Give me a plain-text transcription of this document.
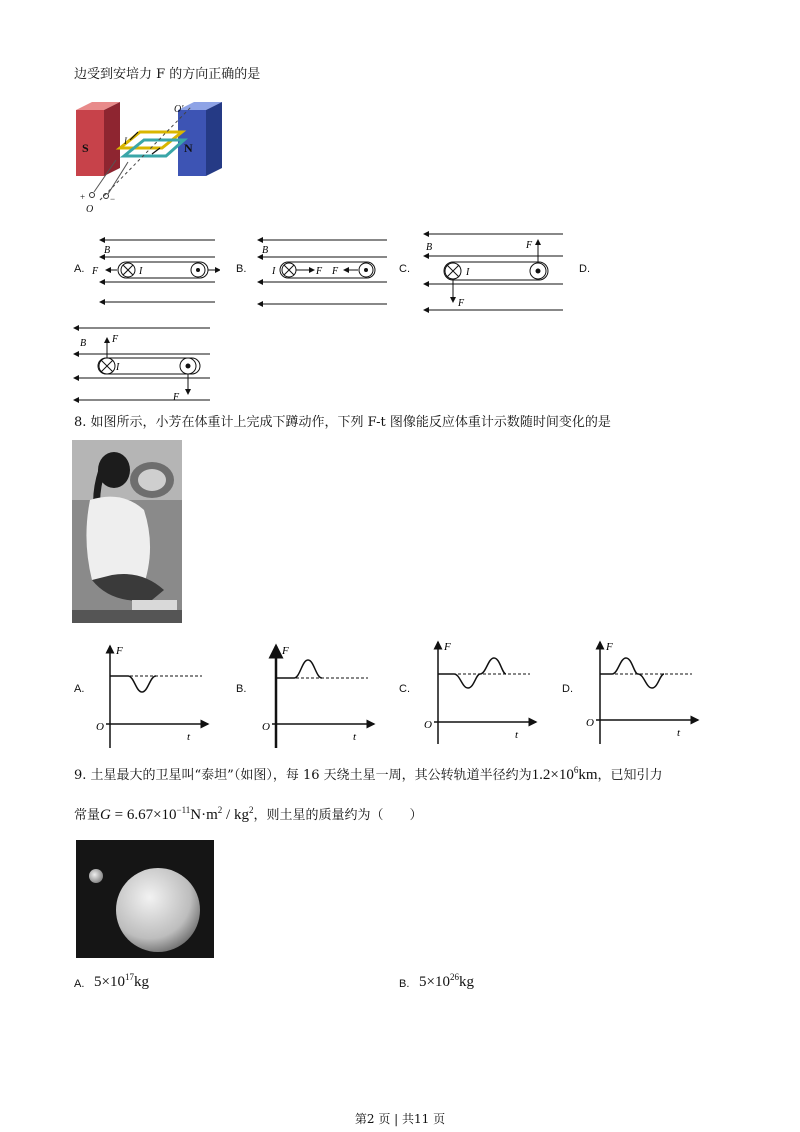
边受到安培力 F 的方向正确的是
S	N
O'
O
+	−
I
A.
B
I
F	B.
B
I	F F	C.
B
I
F
F
D.
B
I
F
F
8. 如图所示，小芳在体重计上完成下蹲动作，下列 F-t 图像能反应体重计示数随时间变化的是
A.
F
O
t
B.
F
O
t
C.
F
O
t
D.
F
O
t
9. 土星最大的卫星叫“泰坦”（如图），每 16 天绕土星一周，其公转轨道半径约为$1.2\times 10^6km$，已知引力
常量$G = 6.67\times 10^{-11}N\cdot m^2 / kg^2$，则土星的质量约为（　　）
A. $5\times 10^{17}kg$	B. $5\times 10^{26}kg$
第2 页 | 共11 页
